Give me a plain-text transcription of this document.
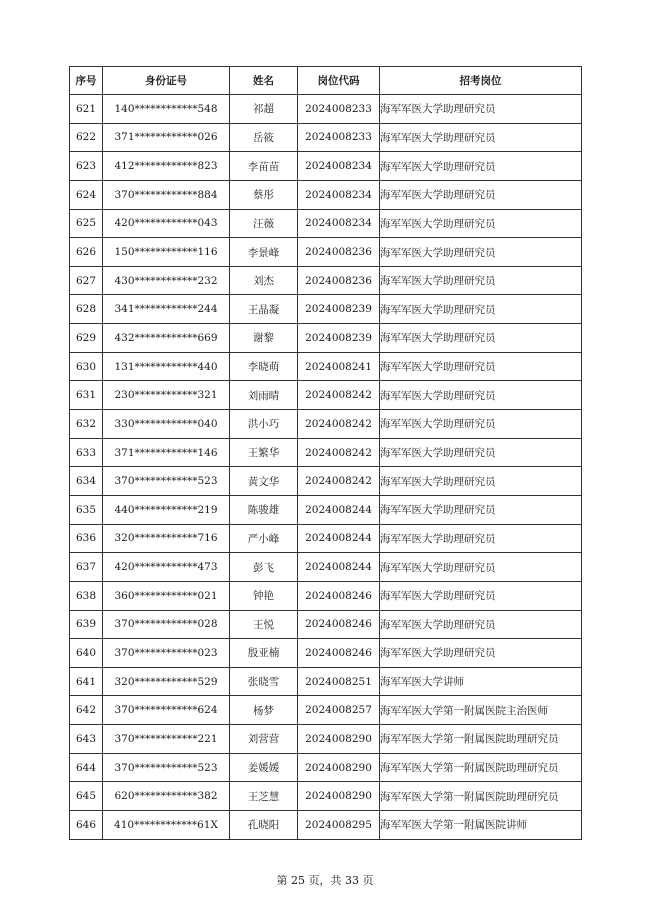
序号	身份证号	姓名	岗位代码	招考岗位
621	140************548	祁超	2024008233	海军军医大学助理研究员
622	371************026	岳筱	2024008233	海军军医大学助理研究员
623	412************823	李苗苗	2024008234	海军军医大学助理研究员
624	370************884	蔡彤	2024008234	海军军医大学助理研究员
625	420************043	汪薇	2024008234	海军军医大学助理研究员
626	150************116	李景峰	2024008236	海军军医大学助理研究员
627	430************232	刘杰	2024008236	海军军医大学助理研究员
628	341************244	王晶凝	2024008239	海军军医大学助理研究员
629	432************669	谢黎	2024008239	海军军医大学助理研究员
630	131************440	李晓萌	2024008241	海军军医大学助理研究员
631	230************321	刘雨晴	2024008242	海军军医大学助理研究员
632	330************040	洪小巧	2024008242	海军军医大学助理研究员
633	371************146	王繁华	2024008242	海军军医大学助理研究员
634	370************523	黄文华	2024008242	海军军医大学助理研究员
635	440************219	陈骏雄	2024008244	海军军医大学助理研究员
636	320************716	严小峰	2024008244	海军军医大学助理研究员
637	420************473	彭飞	2024008244	海军军医大学助理研究员
638	360************021	钟艳	2024008246	海军军医大学助理研究员
639	370************028	王悦	2024008246	海军军医大学助理研究员
640	370************023	殷亚楠	2024008246	海军军医大学助理研究员
641	320************529	张晓雪	2024008251	海军军医大学讲师
642	370************624	杨梦	2024008257	海军军医大学第一附属医院主治医师
643	370************221	刘营营	2024008290	海军军医大学第一附属医院助理研究员
644	370************523	姜媛媛	2024008290	海军军医大学第一附属医院助理研究员
645	620************382	王芝慧	2024008290	海军军医大学第一附属医院助理研究员
646	410************61X	孔晓阳	2024008295	海军军医大学第一附属医院讲师
第 25 页，共 33 页
